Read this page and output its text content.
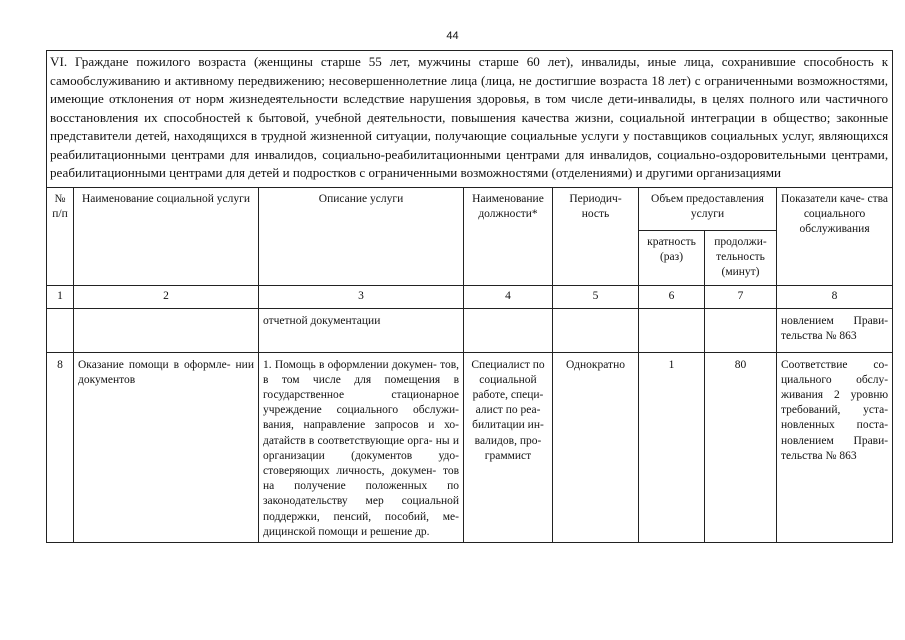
44
VI. Граждане пожилого возраста (женщины старше 55 лет, мужчины старше 60 лет), инвалиды, иные лица, сохранившие способность к самообслуживанию и активному передвижению; несовершеннолетние лица (лица, не достигшие возраста 18 лет) с ограниченными возможностями, имеющие отклонения от норм жизнедеятельности вследствие нарушения здоровья, в том числе дети-инвалиды, в целях полного или частичного восстановления их способностей к бытовой, учебной деятельности, повышения качества жизни, социальной интеграции в общество; законные представители детей, находящихся в трудной жизненной ситуации, получающие социальные услуги у поставщиков социальных услуг, являющихся реабилитационными центрами для инвалидов, социально-реабилитационными центрами для инвалидов, социально-оздоровительными центрами, реабилитационными центрами для детей и подростков с ограниченными возможностями (отделениями) и другими организациями							
№ п/п	Наименование социальной услуги	Описание услуги	Наименование должности*	Периодич- ность	Объем предоставления услуги		Показатели каче- ства социального обслуживания
					кратность (раз)	продолжи- тельность (минут)	
1	2	3	4	5	6	7	8
		отчетной документации					новлением Прави- тельства № 863
8	Оказание помощи в оформле- нии документов	1. Помощь в оформлении докумен- тов, в том числе для помещения в государственное стационарное учреждение социального обслужи- вания, направление запросов и хо- датайств в соответствующие орга- ны и организации (документов удо- стоверяющих личность, докумен- тов на получение положенных по законодательству мер социальной поддержки, пенсий, пособий, ме- дицинской помощи и решение др.	Специалист по социальной работе, специ- алист по реа- билитации ин- валидов, про- граммист	Однократно	1	80	Соответствие со- циального обслу- живания 2 уровню требований, уста- новленных поста- новлением Прави- тельства № 863
